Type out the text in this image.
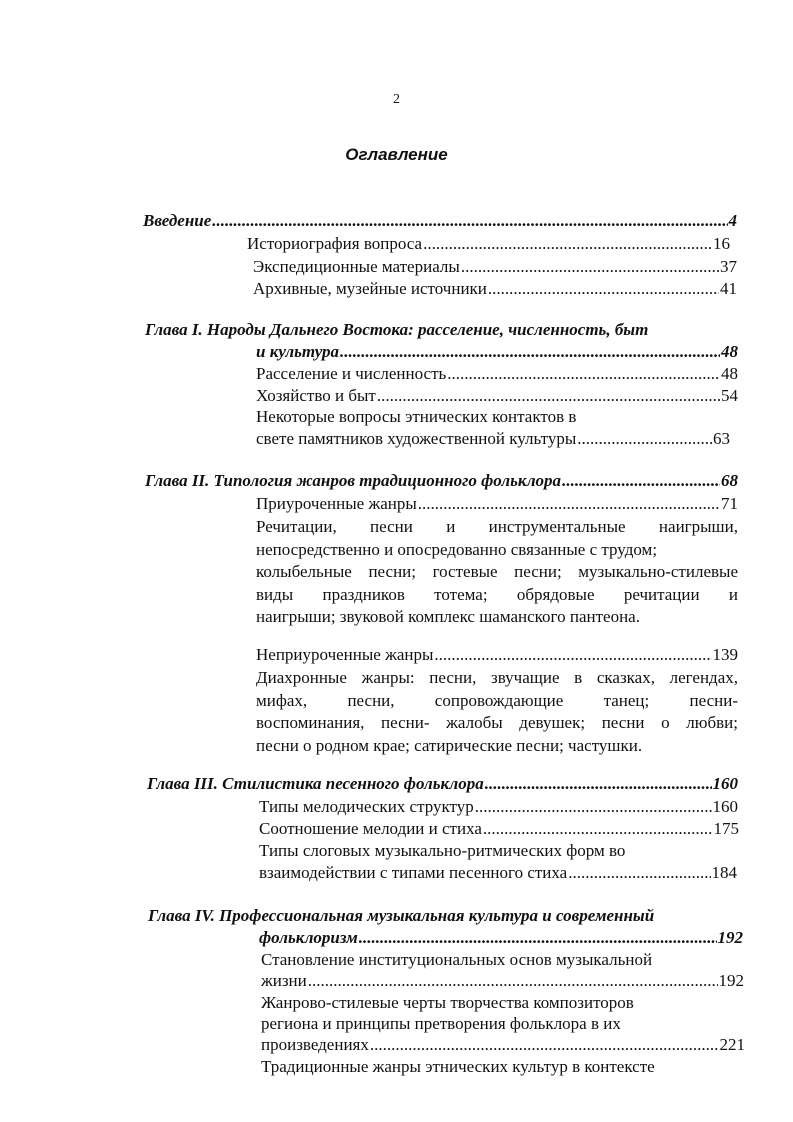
2
Оглавление
Введение .....	4
Историография вопроса .....	16
Экспедиционные материалы .....	37
Архивные, музейные источники .....	41
Глава I. Народы Дальнего Востока: расселение, численность, быт
и культура .....	48
Расселение и численность .....	48
Хозяйство и быт .....	54
Некоторые вопросы этнических контактов в
свете памятников художественной культуры .....	63
Глава II. Типология жанров традиционного фольклора .....	68
Приуроченные жанры .....	71
Речитации, песни и инструментальные наигрыши,
непосредственно и опосредованно связанные с трудом;
колыбельные песни; гостевые песни; музыкально-стилевые
виды праздников тотема; обрядовые речитации и
наигрыши; звуковой комплекс шаманского пантеона.
Неприуроченные жанры .....	139
Диахронные жанры: песни, звучащие в сказках, легендах,
мифах, песни, сопровождающие танец; песни-
воспоминания, песни- жалобы девушек; песни о любви;
песни о родном крае; сатирические песни; частушки.
Глава III. Стилистика песенного фольклора .....	160
Типы мелодических структур .....	160
Соотношение мелодии и стиха .....	175
Типы слоговых музыкально-ритмических форм во
взаимодействии с типами песенного стиха .....	184
Глава IV. Профессиональная музыкальная культура и современный
фольклоризм .....	192
Становление институциональных основ музыкальной
жизни .....	192
Жанрово-стилевые черты творчества композиторов
региона и принципы претворения фольклора в их
произведениях .....	221
Традиционные жанры этнических культур в контексте
